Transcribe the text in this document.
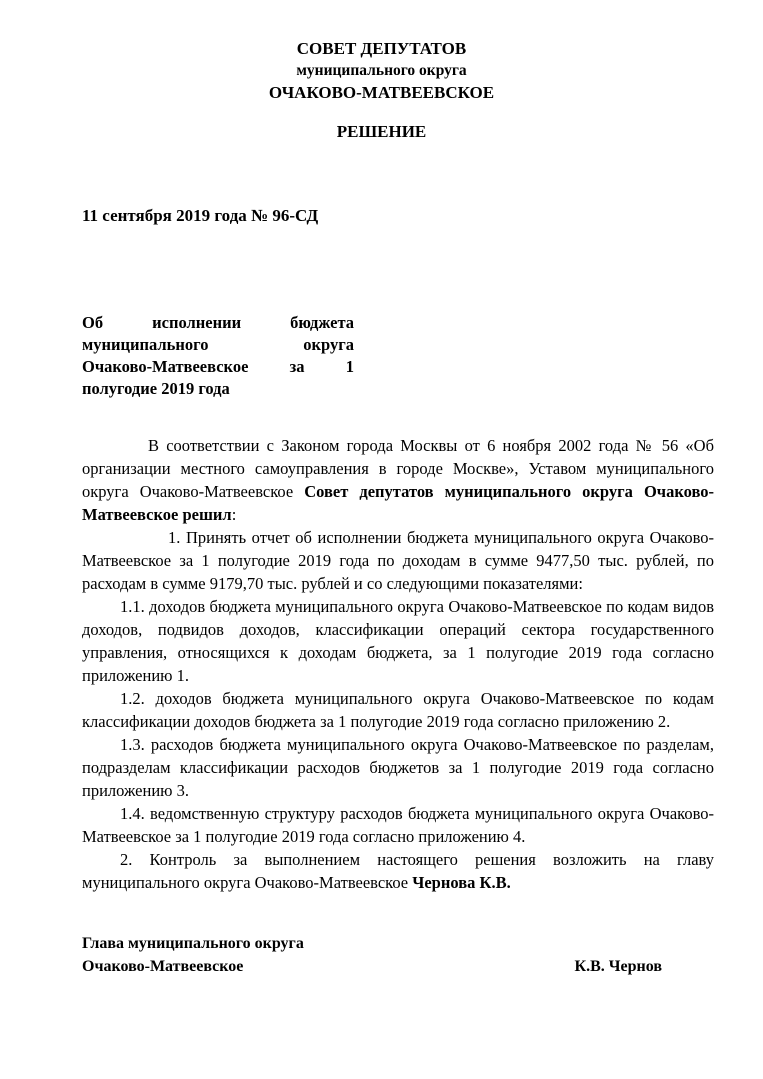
СОВЕТ ДЕПУТАТОВ
муниципального округа
ОЧАКОВО-МАТВЕЕВСКОЕ
РЕШЕНИЕ
11 сентября 2019 года № 96-СД
Об	исполнении	бюджета
муниципального	округа
Очаково-Матвеевское за 1
полугодие 2019 года

В соответствии с Законом города Москвы от 6 ноября 2002 года № 56 «Об организации местного самоуправления в городе Москве», Уставом муниципального округа Очаково-Матвеевское Совет депутатов муниципального округа Очаково-Матвеевское решил:

1. Принять отчет об исполнении бюджета муниципального округа Очаково-Матвеевское за 1 полугодие 2019 года по доходам в сумме 9477,50 тыс. рублей, по расходам в сумме 9179,70 тыс. рублей и со следующими показателями:

1.1. доходов бюджета муниципального округа Очаково-Матвеевское по кодам видов доходов, подвидов доходов, классификации операций сектора государственного управления, относящихся к доходам бюджета, за 1 полугодие 2019 года согласно приложению 1.

1.2. доходов бюджета муниципального округа Очаково-Матвеевское по кодам классификации доходов бюджета за 1 полугодие 2019 года согласно приложению 2.

1.3. расходов бюджета муниципального округа Очаково-Матвеевское по разделам, подразделам классификации расходов бюджетов за 1 полугодие 2019 года согласно приложению 3.

1.4. ведомственную структуру расходов бюджета муниципального округа Очаково-Матвеевское за 1 полугодие 2019 года согласно приложению 4.

2. Контроль за выполнением настоящего решения возложить на главу муниципального округа Очаково-Матвеевское Чернова К.В.

Глава муниципального округа
Очаково-Матвеевское	К.В. Чернов
